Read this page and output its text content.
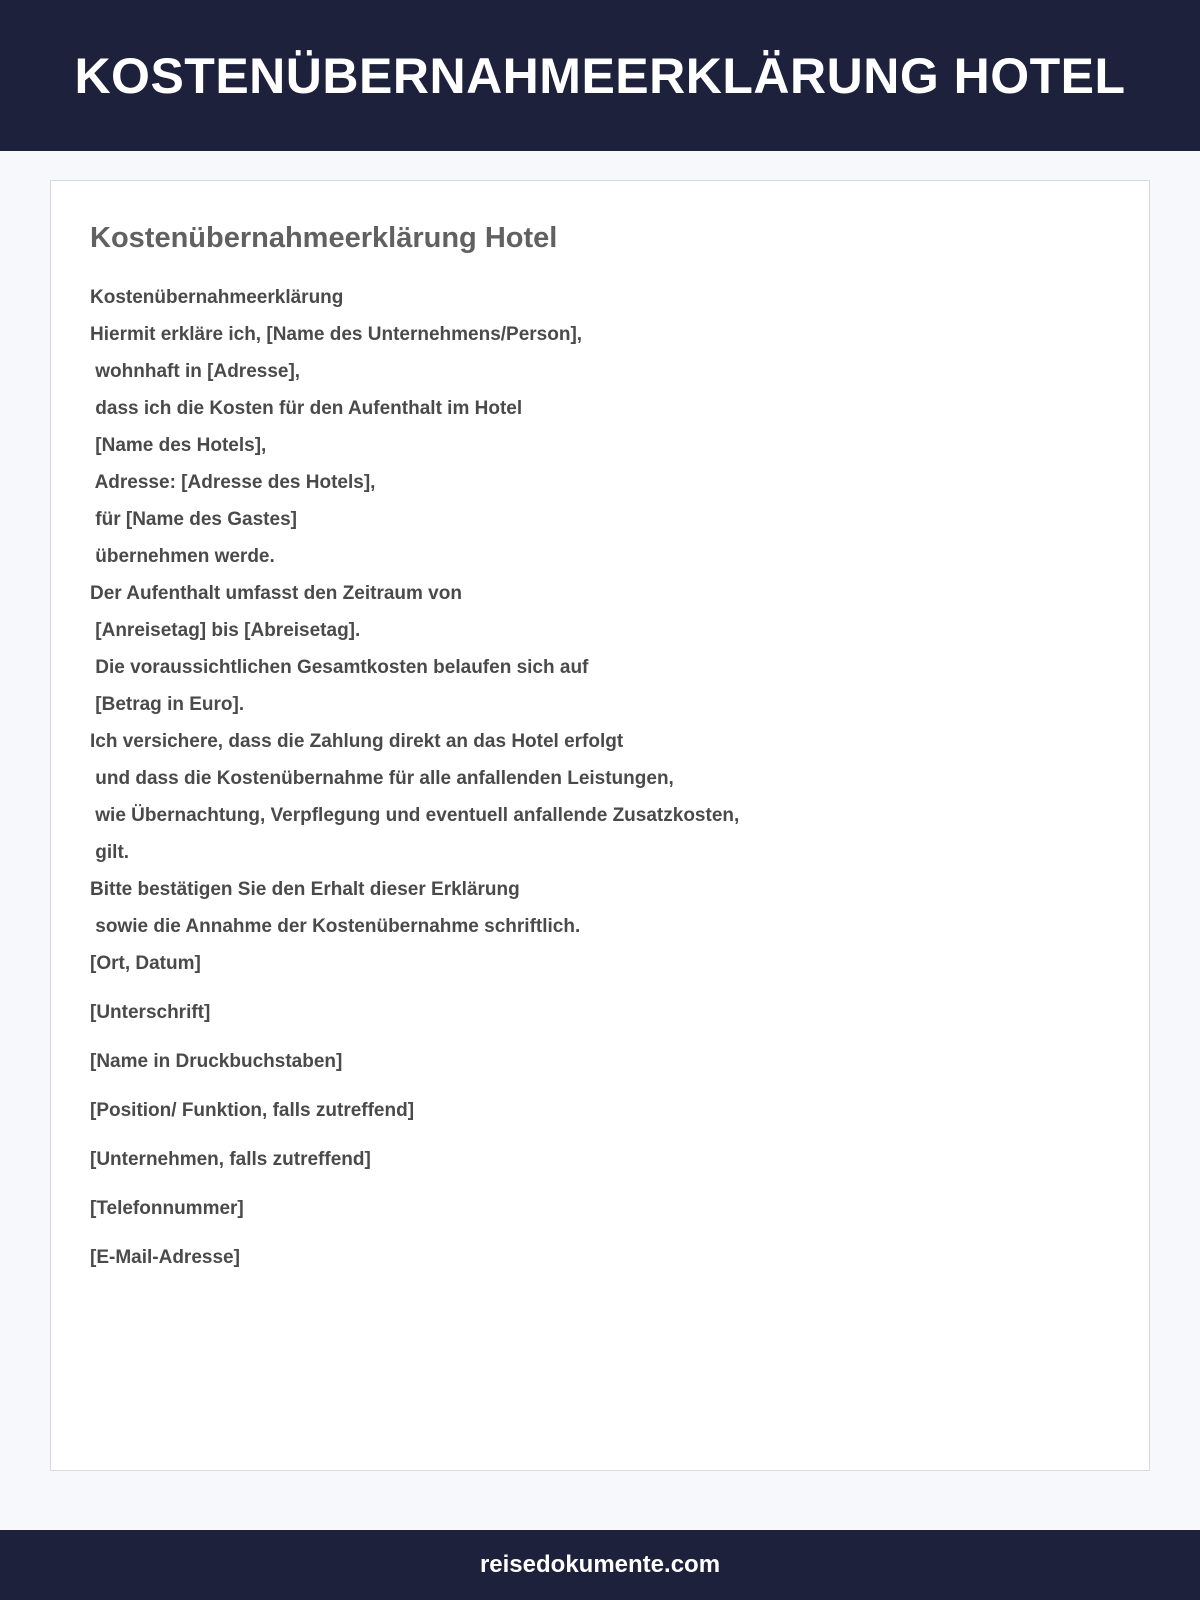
KOSTENÜBERNAHMEERKLÄRUNG HOTEL
Kostenübernahmeerklärung Hotel
Kostenübernahmeerklärung
Hiermit erkläre ich, [Name des Unternehmens/Person],
wohnhaft in [Adresse],
dass ich die Kosten für den Aufenthalt im Hotel
[Name des Hotels],
Adresse: [Adresse des Hotels],
für [Name des Gastes]
übernehmen werde.
Der Aufenthalt umfasst den Zeitraum von
[Anreisetag] bis [Abreisetag].
Die voraussichtlichen Gesamtkosten belaufen sich auf
[Betrag in Euro].
Ich versichere, dass die Zahlung direkt an das Hotel erfolgt
und dass die Kostenübernahme für alle anfallenden Leistungen,
wie Übernachtung, Verpflegung und eventuell anfallende Zusatzkosten,
gilt.
Bitte bestätigen Sie den Erhalt dieser Erklärung
sowie die Annahme der Kostenübernahme schriftlich.
[Ort, Datum]
[Unterschrift]
[Name in Druckbuchstaben]
[Position/ Funktion, falls zutreffend]
[Unternehmen, falls zutreffend]
[Telefonnummer]
[E-Mail-Adresse]
reisedokumente.com
